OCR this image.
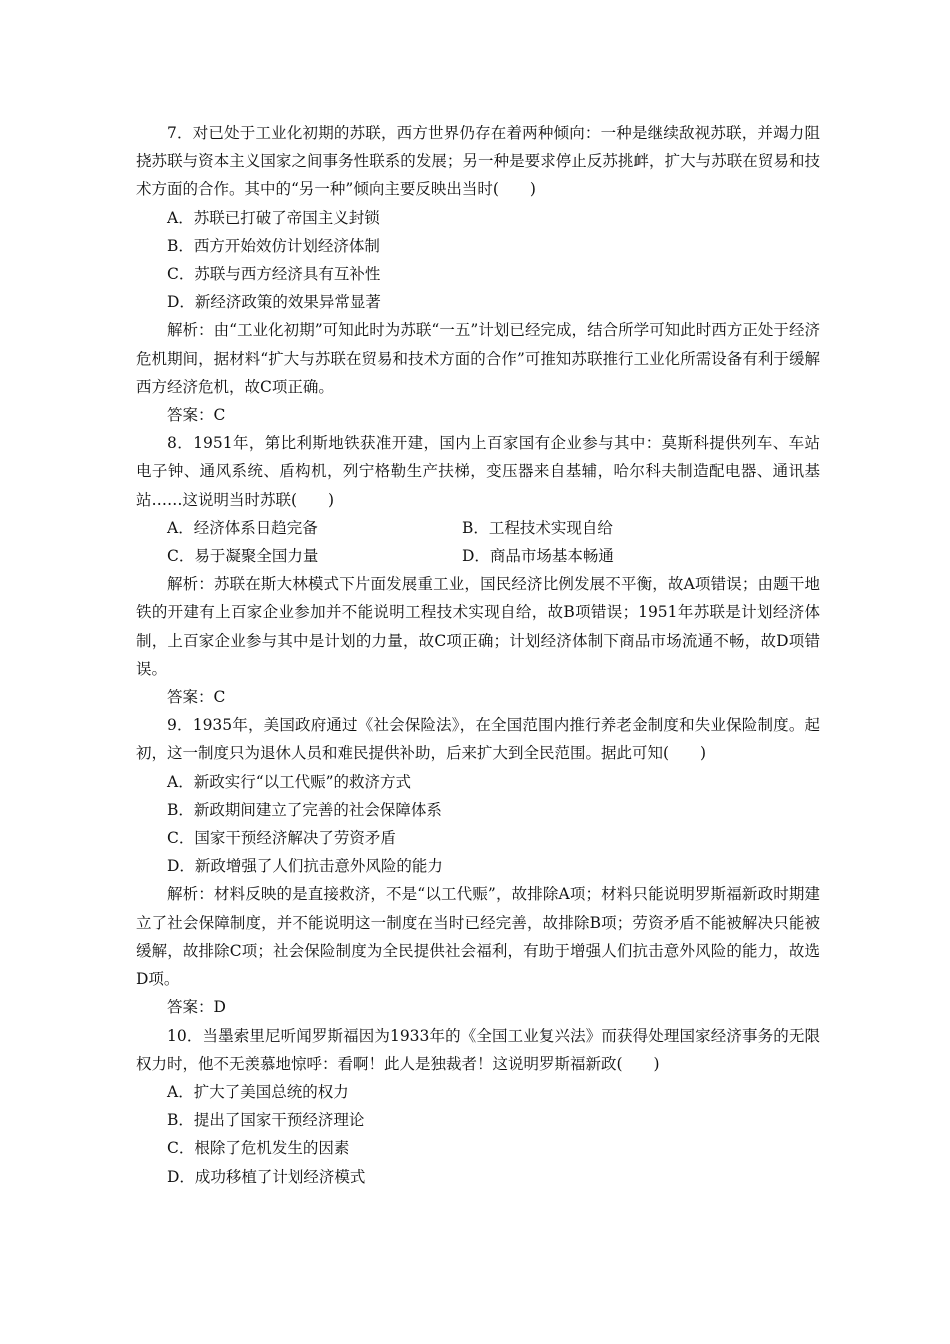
7．对已处于工业化初期的苏联，西方世界仍存在着两种倾向：一种是继续敌视苏联，并竭力阻挠苏联与资本主义国家之间事务性联系的发展；另一种是要求停止反苏挑衅，扩大与苏联在贸易和技术方面的合作。其中的“另一种”倾向主要反映出当时(　　)

A．苏联已打破了帝国主义封锁

B．西方开始效仿计划经济体制

C．苏联与西方经济具有互补性

D．新经济政策的效果异常显著

解析：由“工业化初期”可知此时为苏联“一五”计划已经完成，结合所学可知此时西方正处于经济危机期间，据材料“扩大与苏联在贸易和技术方面的合作”可推知苏联推行工业化所需设备有利于缓解西方经济危机，故C项正确。

答案：C

8．1951年，第比利斯地铁获准开建，国内上百家国有企业参与其中：莫斯科提供列车、车站电子钟、通风系统、盾构机，列宁格勒生产扶梯，变压器来自基辅，哈尔科夫制造配电器、通讯基站……这说明当时苏联(　　)

A．经济体系日趋完备	B．工程技术实现自给
C．易于凝聚全国力量	D．商品市场基本畅通

解析：苏联在斯大林模式下片面发展重工业，国民经济比例发展不平衡，故A项错误；由题干地铁的开建有上百家企业参加并不能说明工程技术实现自给，故B项错误；1951年苏联是计划经济体制，上百家企业参与其中是计划的力量，故C项正确；计划经济体制下商品市场流通不畅，故D项错误。

答案：C

9．1935年，美国政府通过《社会保险法》，在全国范围内推行养老金制度和失业保险制度。起初，这一制度只为退休人员和难民提供补助，后来扩大到全民范围。据此可知(　　)

A．新政实行“以工代赈”的救济方式

B．新政期间建立了完善的社会保障体系

C．国家干预经济解决了劳资矛盾

D．新政增强了人们抗击意外风险的能力

解析：材料反映的是直接救济，不是“以工代赈”，故排除A项；材料只能说明罗斯福新政时期建立了社会保障制度，并不能说明这一制度在当时已经完善，故排除B项；劳资矛盾不能被解决只能被缓解，故排除C项；社会保险制度为全民提供社会福利，有助于增强人们抗击意外风险的能力，故选D项。

答案：D

10．当墨索里尼听闻罗斯福因为1933年的《全国工业复兴法》而获得处理国家经济事务的无限权力时，他不无羡慕地惊呼：看啊！此人是独裁者！这说明罗斯福新政(　　)

A．扩大了美国总统的权力

B．提出了国家干预经济理论

C．根除了危机发生的因素

D．成功移植了计划经济模式
